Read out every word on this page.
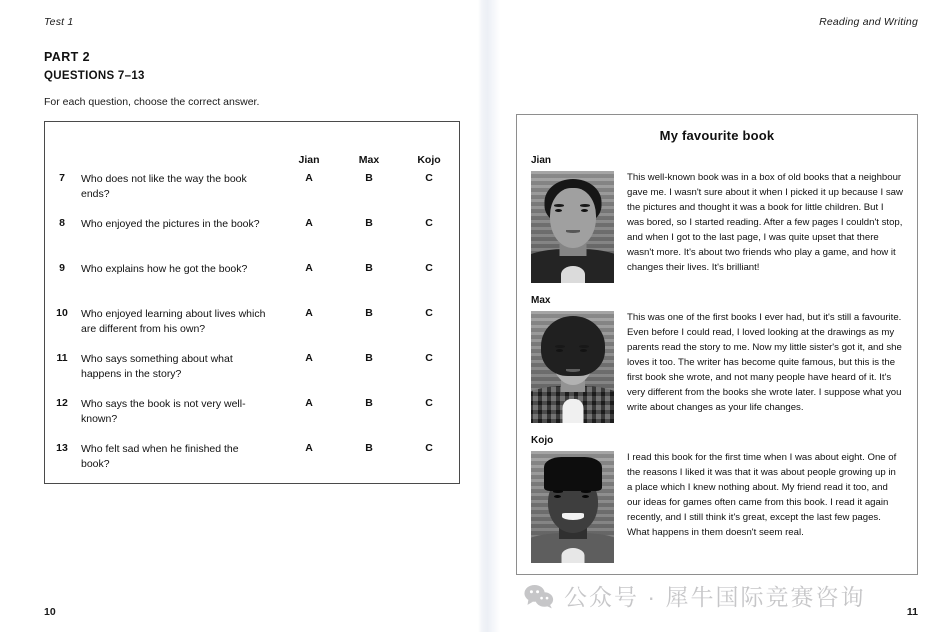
Test 1
PART 2
QUESTIONS 7–13
For each question, choose the correct answer.
		Jian	Max	Kojo
7	Who does not like the way the book ends?	A	B	C
8	Who enjoyed the pictures in the book?	A	B	C
9	Who explains how he got the book?	A	B	C
10	Who enjoyed learning about lives which are different from his own?	A	B	C
11	Who says something about what happens in the story?	A	B	C
12	Who says the book is not very well-known?	A	B	C
13	Who felt sad when he finished the book?	A	B	C
10
Reading and Writing
My favourite book
Jian
This well-known book was in a box of old books that a neighbour gave me. I wasn't sure about it when I picked it up because I saw the pictures and thought it was a book for little children. But I was bored, so I started reading. After a few pages I couldn't stop, and when I got to the last page, I was quite upset that there wasn't more. It's about two friends who play a game, and how it changes their lives. It's brilliant!
Max
This was one of the first books I ever had, but it's still a favourite. Even before I could read, I loved looking at the drawings as my parents read the story to me. Now my little sister's got it, and she loves it too. The writer has become quite famous, but this is the first book she wrote, and not many people have heard of it. It's very different from the books she wrote later. I suppose what you write about changes as your life changes.
Kojo
I read this book for the first time when I was about eight. One of the reasons I liked it was that it was about people growing up in a place which I knew nothing about. My friend read it too, and our ideas for games often came from this book. I read it again recently, and I still think it's great, except the last few pages. What happens in them doesn't seem real.
公众号 · 犀牛国际竞赛咨询
11
